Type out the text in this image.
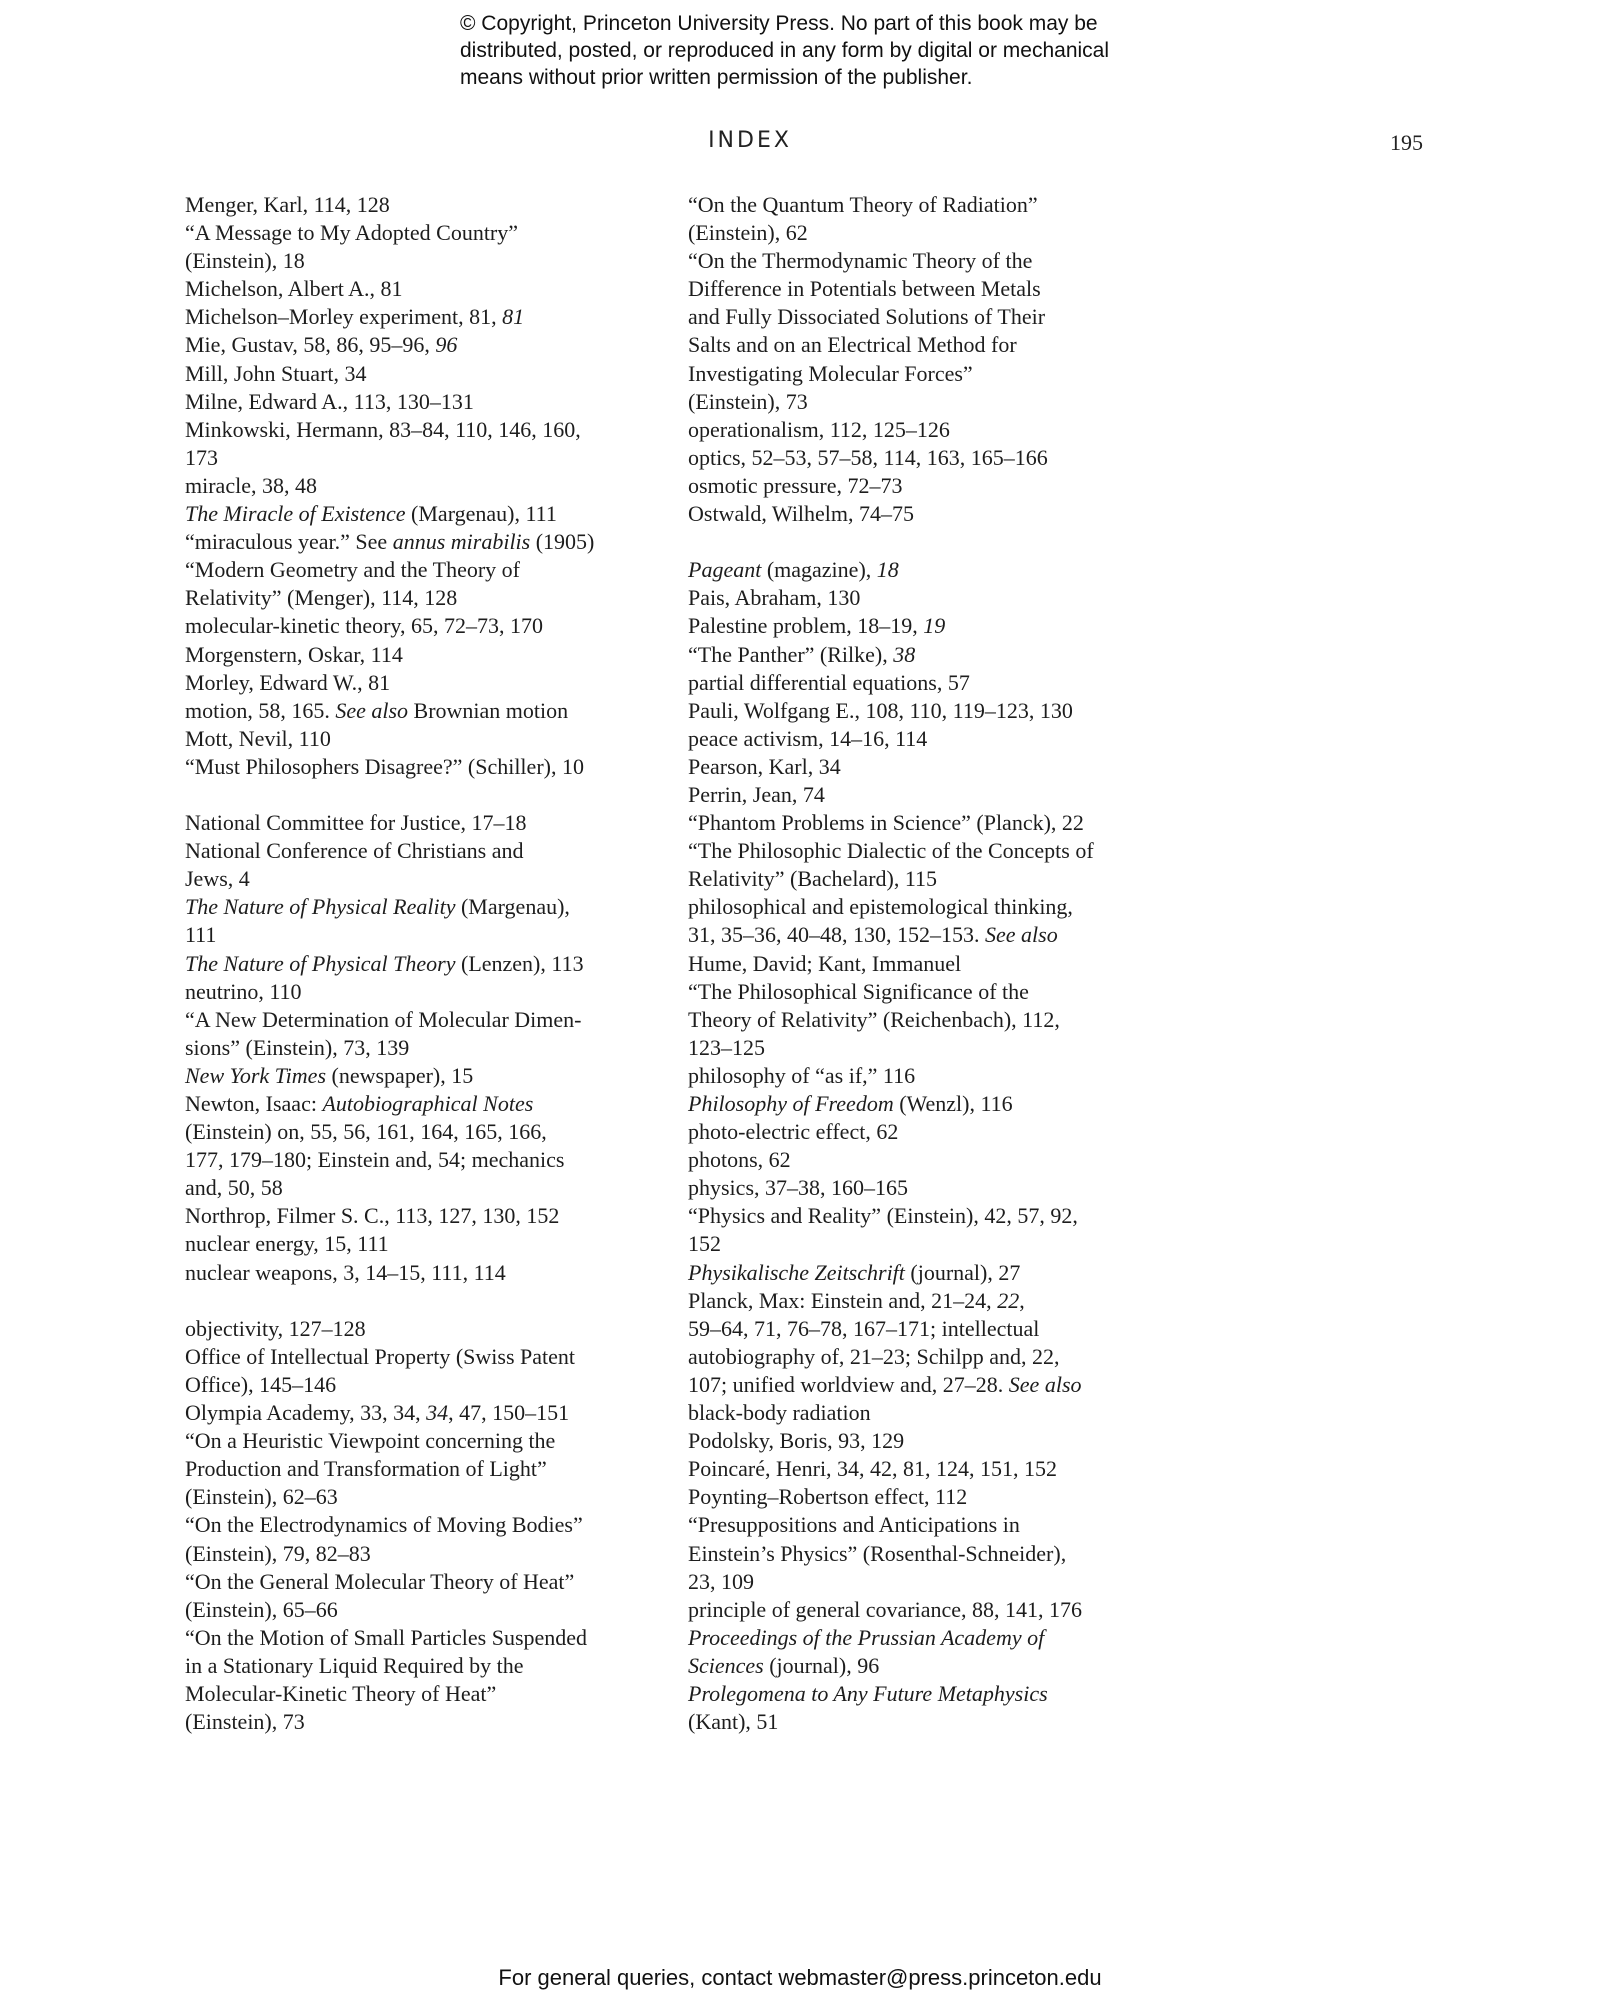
© Copyright, Princeton University Press. No part of this book may be
distributed, posted, or reproduced in any form by digital or mechanical
means without prior written permission of the publisher.
INDEX	195
Menger, Karl, 114, 128
“A Message to My Adopted Country”
(Einstein), 18
Michelson, Albert A., 81
Michelson–Morley experiment, 81, 81
Mie, Gustav, 58, 86, 95–96, 96
Mill, John Stuart, 34
Milne, Edward A., 113, 130–131
Minkowski, Hermann, 83–84, 110, 146, 160,
173
miracle, 38, 48
The Miracle of Existence (Margenau), 111
“miraculous year.” See annus mirabilis (1905)
“Modern Geometry and the Theory of
Relativity” (Menger), 114, 128
molecular-kinetic theory, 65, 72–73, 170
Morgenstern, Oskar, 114
Morley, Edward W., 81
motion, 58, 165. See also Brownian motion
Mott, Nevil, 110
“Must Philosophers Disagree?” (Schiller), 10
National Committee for Justice, 17–18
National Conference of Christians and
Jews, 4
The Nature of Physical Reality (Margenau),
111
The Nature of Physical Theory (Lenzen), 113
neutrino, 110
“A New Determination of Molecular Dimen-
sions” (Einstein), 73, 139
New York Times (newspaper), 15
Newton, Isaac: Autobiographical Notes
(Einstein) on, 55, 56, 161, 164, 165, 166,
177, 179–180; Einstein and, 54; mechanics
and, 50, 58
Northrop, Filmer S. C., 113, 127, 130, 152
nuclear energy, 15, 111
nuclear weapons, 3, 14–15, 111, 114
objectivity, 127–128
Office of Intellectual Property (Swiss Patent
Office), 145–146
Olympia Academy, 33, 34, 34, 47, 150–151
“On a Heuristic Viewpoint concerning the
Production and Transformation of Light”
(Einstein), 62–63
“On the Electrodynamics of Moving Bodies”
(Einstein), 79, 82–83
“On the General Molecular Theory of Heat”
(Einstein), 65–66
“On the Motion of Small Particles Suspended
in a Stationary Liquid Required by the
Molecular-Kinetic Theory of Heat”
(Einstein), 73
“On the Quantum Theory of Radiation”
(Einstein), 62
“On the Thermodynamic Theory of the
Difference in Potentials between Metals
and Fully Dissociated Solutions of Their
Salts and on an Electrical Method for
Investigating Molecular Forces”
(Einstein), 73
operationalism, 112, 125–126
optics, 52–53, 57–58, 114, 163, 165–166
osmotic pressure, 72–73
Ostwald, Wilhelm, 74–75
Pageant (magazine), 18
Pais, Abraham, 130
Palestine problem, 18–19, 19
“The Panther” (Rilke), 38
partial differential equations, 57
Pauli, Wolfgang E., 108, 110, 119–123, 130
peace activism, 14–16, 114
Pearson, Karl, 34
Perrin, Jean, 74
“Phantom Problems in Science” (Planck), 22
“The Philosophic Dialectic of the Concepts of
Relativity” (Bachelard), 115
philosophical and epistemological thinking,
31, 35–36, 40–48, 130, 152–153. See also
Hume, David; Kant, Immanuel
“The Philosophical Significance of the
Theory of Relativity” (Reichenbach), 112,
123–125
philosophy of “as if,” 116
Philosophy of Freedom (Wenzl), 116
photo-electric effect, 62
photons, 62
physics, 37–38, 160–165
“Physics and Reality” (Einstein), 42, 57, 92,
152
Physikalische Zeitschrift (journal), 27
Planck, Max: Einstein and, 21–24, 22,
59–64, 71, 76–78, 167–171; intellectual
autobiography of, 21–23; Schilpp and, 22,
107; unified worldview and, 27–28. See also
black-body radiation
Podolsky, Boris, 93, 129
Poincaré, Henri, 34, 42, 81, 124, 151, 152
Poynting–Robertson effect, 112
“Presuppositions and Anticipations in
Einstein’s Physics” (Rosenthal-Schneider),
23, 109
principle of general covariance, 88, 141, 176
Proceedings of the Prussian Academy of
Sciences (journal), 96
Prolegomena to Any Future Metaphysics
(Kant), 51
For general queries, contact webmaster@press.princeton.edu
